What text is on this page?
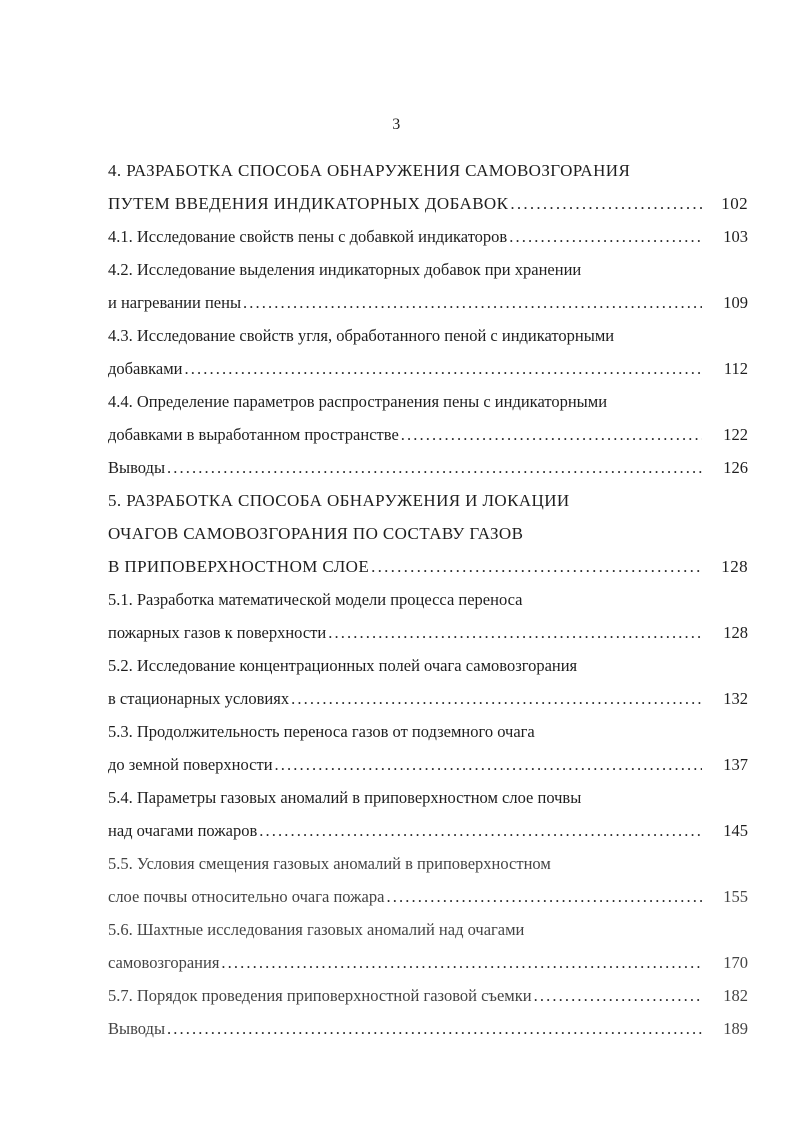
3
4. РАЗРАБОТКА СПОСОБА ОБНАРУЖЕНИЯ САМОВОЗГОРАНИЯ
ПУТЕМ ВВЕДЕНИЯ ИНДИКАТОРНЫХ ДОБАВОК . . .	102
4.1. Исследование свойств пены с добавкой индикаторов . . .	103
4.2. Исследование выделения индикаторных добавок при хранении
и нагревании пены . . .	109
4.3. Исследование свойств угля, обработанного пеной с индикаторными
добавками . . .	112
4.4. Определение параметров распространения пены с индикаторными
добавками в выработанном пространстве . . .	122
Выводы . . .	126
5. РАЗРАБОТКА СПОСОБА ОБНАРУЖЕНИЯ И ЛОКАЦИИ
ОЧАГОВ САМОВОЗГОРАНИЯ ПО СОСТАВУ ГАЗОВ
В ПРИПОВЕРХНОСТНОМ СЛОЕ . . .	128
5.1. Разработка математической модели процесса переноса
пожарных газов к поверхности . . .	128
5.2. Исследование концентрационных полей очага самовозгорания
в стационарных условиях . . .	132
5.3. Продолжительность переноса газов от подземного очага
до земной поверхности . . .	137
5.4. Параметры газовых аномалий в приповерхностном слое почвы
над очагами пожаров . . .	145
5.5. Условия смещения газовых аномалий в приповерхностном
слое почвы относительно очага пожара . . .	155
5.6. Шахтные исследования газовых аномалий над очагами
самовозгорания . . .	170
5.7. Порядок проведения приповерхностной газовой съемки . . .	182
Выводы . . .	189
